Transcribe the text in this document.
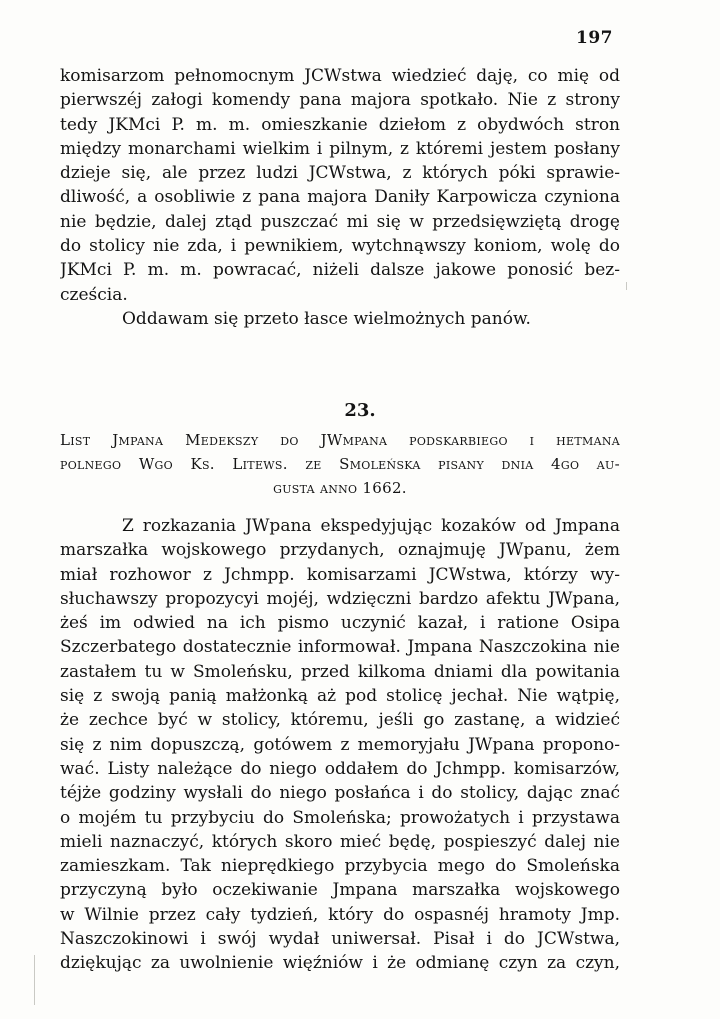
197
komisarzom pełnomocnym JCWstwa wiedzieć daję, co mię od
pierwszéj załogi komendy pana majora spotkało. Nie z strony
tedy JKMci P. m. m. omieszkanie dziełom z obydwóch stron
między monarchami wielkim i pilnym, z któremi jestem posłany
dzieje się, ale przez ludzi JCWstwa, z których póki sprawie-
dliwość, a osobliwie z pana majora Daniły Karpowicza czyniona
nie będzie, dalej ztąd puszczać mi się w przedsięwziętą drogę
do stolicy nie zda, i pewnikiem, wytchnąwszy koniom, wolę do
JKMci P. m. m. powracać, niżeli dalsze jakowe ponosić bez-
cześcia.
Oddawam się przeto łasce wielmożnych panów.
23.
List Jmpana Medekszy do JWmpana podskarbiego i hetmana
polnego Wgo Ks. Litews. ze Smoleńska pisany dnia 4go au-
gusta anno 1662.
Z rozkazania JWpana ekspedyjując kozaków od Jmpana
marszałka wojskowego przydanych, oznajmuję JWpanu, żem
miał rozhowor z Jchmpp. komisarzami JCWstwa, którzy wy-
słuchawszy propozycyi mojéj, wdzięczni bardzo afektu JWpana,
żeś im odwied na ich pismo uczynić kazał, i ratione Osipa
Szczerbatego dostatecznie informował. Jmpana Naszczokina nie
zastałem tu w Smoleńsku, przed kilkoma dniami dla powitania
się z swoją panią małżonką aż pod stolicę jechał. Nie wątpię,
że zechce być w stolicy, któremu, jeśli go zastanę, a widzieć
się z nim dopuszczą, gotówem z memoryjału JWpana propono-
wać. Listy należące do niego oddałem do Jchmpp. komisarzów,
téjże godziny wysłali do niego posłańca i do stolicy, dając znać
o mojém tu przybyciu do Smoleńska; prowożatych i przystawa
mieli naznaczyć, których skoro mieć będę, pospieszyć dalej nie
zamieszkam. Tak nieprędkiego przybycia mego do Smoleńska
przyczyną było oczekiwanie Jmpana marszałka wojskowego
w Wilnie przez cały tydzień, który do ospasnéj hramoty Jmp.
Naszczokinowi i swój wydał uniwersał. Pisał i do JCWstwa,
dziękując za uwolnienie więźniów i że odmianę czyn za czyn,
